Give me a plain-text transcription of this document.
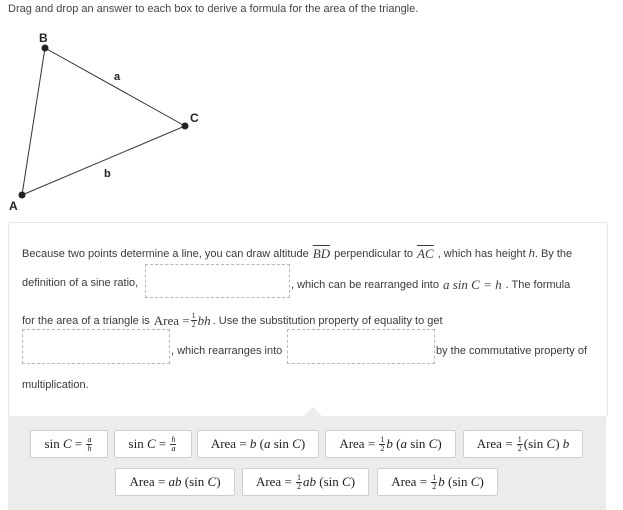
Drag and drop an answer to each box to derive a formula for the area of the triangle.
B
C
A
a
b
Because two points determine a line, you can draw altitude $\overline{BD}$ perpendicular to $\overline{AC}$ , which has height h . By the
definition of a sine ratio,	, which can be rearranged into a sin C = h . The formula
for the area of a triangle is Area = $\frac{1}{2}$ bh . Use the substitution property of equality to get
, which rearranges into	by the commutative property of
multiplication.
$\sin C = \frac{a}{h}$	$\sin C = \frac{h}{a}$	Area = b (a sin C)	Area = $\frac{1}{2}$ b (a sin C)	Area = $\frac{1}{2} (\sin$ C) b
Area = ab (sin C)	Area = $\frac{1}{2}$ ab (sin C)	Area = $\frac{1}{2}$ b (sin C)
